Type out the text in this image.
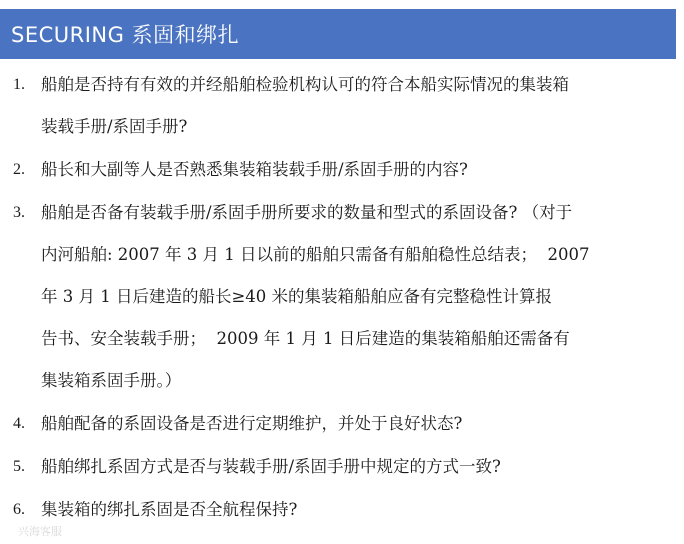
SECURING 系固和绑扎
1. 船舶是否持有有效的并经船舶检验机构认可的符合本船实际情况的集装箱
装载手册/系固手册?
2. 船长和大副等人是否熟悉集装箱装载手册/系固手册的内容?
3. 船舶是否备有装载手册/系固手册所要求的数量和型式的系固设备? （对于
内河船舶: 2007 年 3 月 1 日以前的船舶只需备有船舶稳性总结表；  2007
年 3 月 1 日后建造的船长≥40 米的集装箱船舶应备有完整稳性计算报
告书、安全装载手册；  2009 年 1 月 1 日后建造的集装箱船舶还需备有
集装箱系固手册。）
4. 船舶配备的系固设备是否进行定期维护，并处于良好状态?
5. 船舶绑扎系固方式是否与装载手册/系固手册中规定的方式一致?
6. 集装箱的绑扎系固是否全航程保持?
兴海客服
